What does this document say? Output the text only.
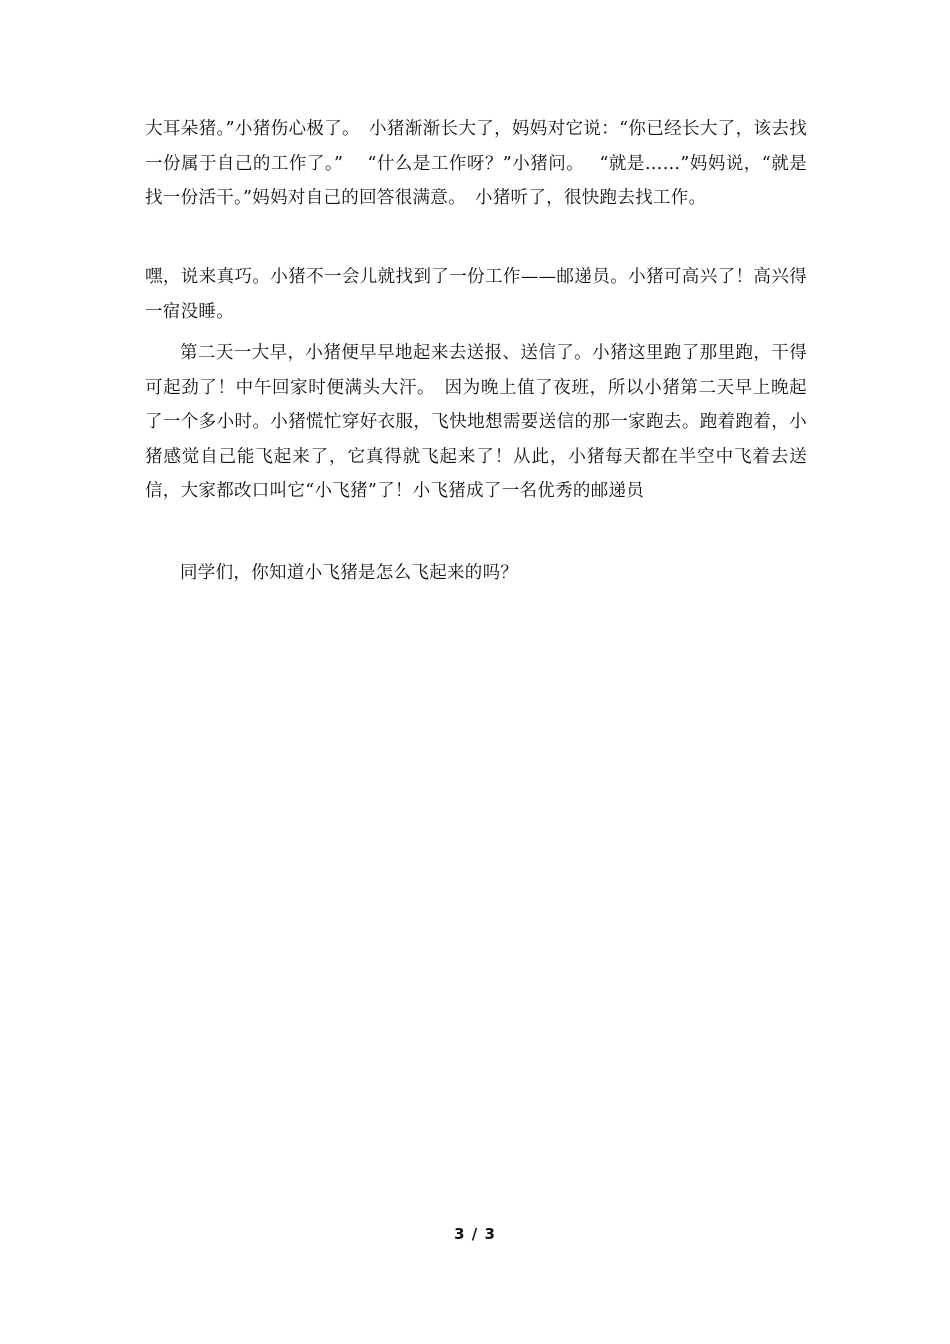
大耳朵猪。”小猪伤心极了。　小猪渐渐长大了，妈妈对它说：“你已经长大了，该去找一份属于自己的工作了。”　 “什么是工作呀？”小猪问。　 “就是……”妈妈说，“就是找一份活干。”妈妈对自己的回答很满意。　小猪听了，很快跑去找工作。

嘿，说来真巧。小猪不一会儿就找到了一份工作——邮递员。小猪可高兴了！高兴得一宿没睡。

第二天一大早，小猪便早早地起来去送报、送信了。小猪这里跑了那里跑，干得可起劲了！中午回家时便满头大汗。　因为晚上值了夜班，所以小猪第二天早上晚起了一个多小时。小猪慌忙穿好衣服，飞快地想需要送信的那一家跑去。跑着跑着，小猪感觉自己能飞起来了，它真得就飞起来了！从此，小猪每天都在半空中飞着去送信，大家都改口叫它“小飞猪”了！小飞猪成了一名优秀的邮递员

同学们，你知道小飞猪是怎么飞起来的吗？

3 / 3
